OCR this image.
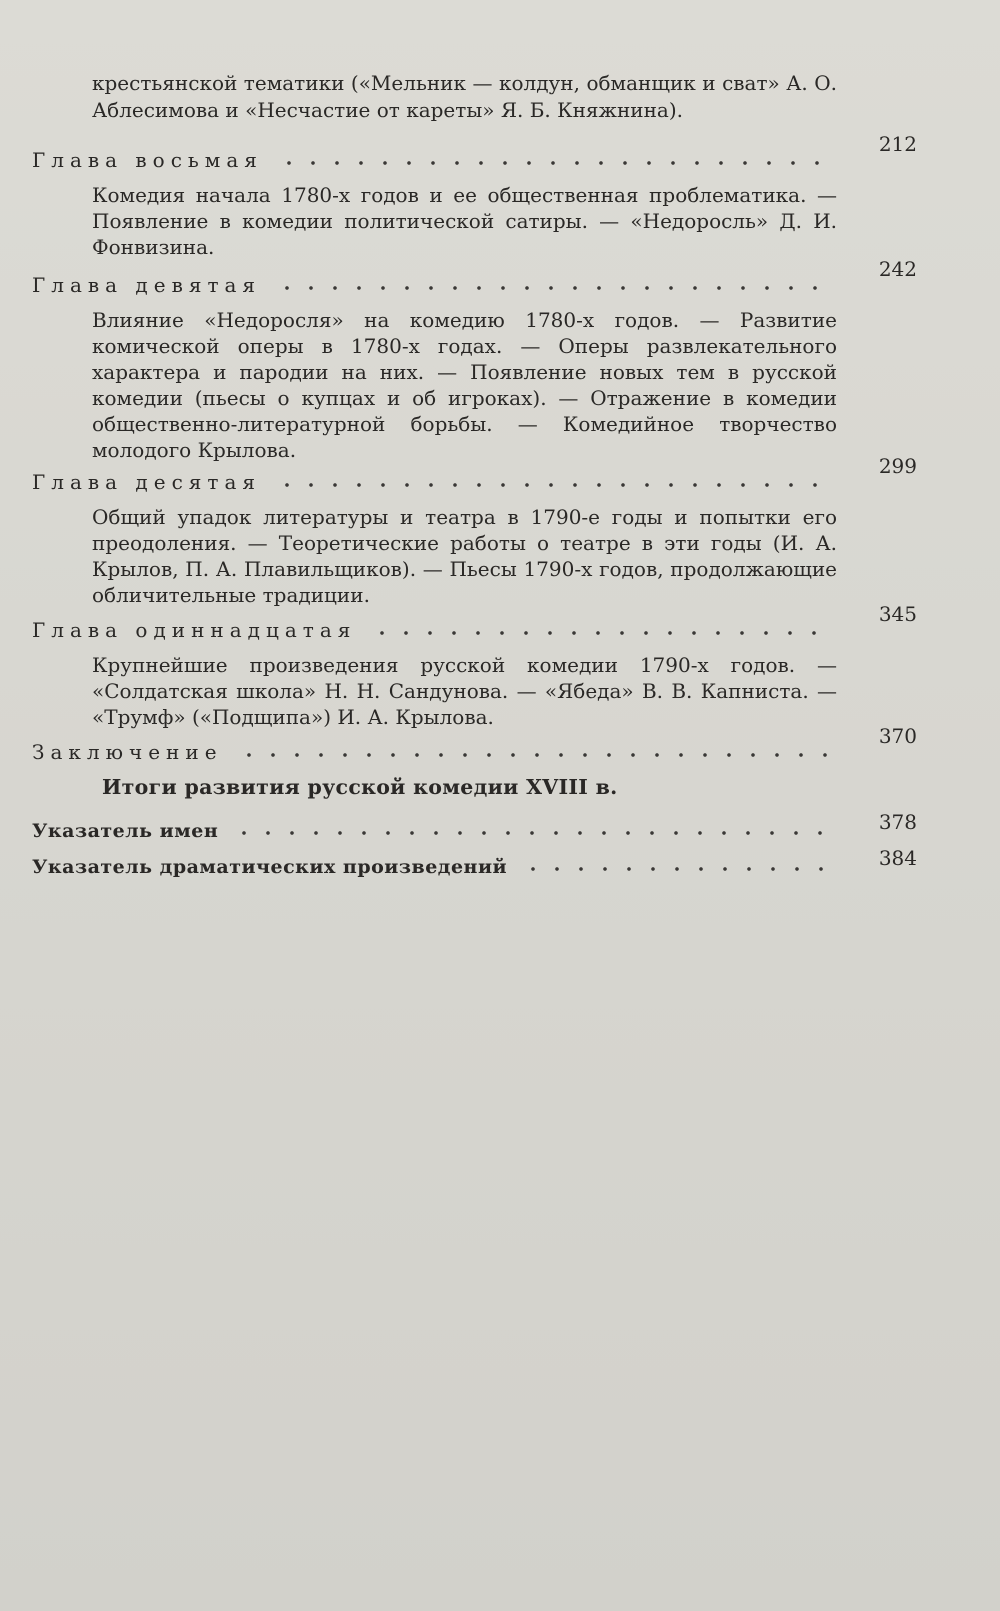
крестьянской тематики («Мельник — колдун, обманщик и сват» А. О. Аблесимова и «Несчастие от кареты» Я. Б. Княжнина).
Глава восьмая
212
Комедия начала 1780-х годов и ее общественная проблематика. — Появление в комедии политической сатиры. — «Недоросль» Д. И. Фонвизина.
Глава девятая
242
Влияние «Недоросля» на комедию 1780-х годов. — Развитие комической оперы в 1780-х годах. — Оперы развлекательного характера и пародии на них. — Появление новых тем в русской комедии (пьесы о купцах и об игроках). — Отражение в комедии общественно-литературной борьбы. — Комедийное творчество молодого Крылова.
Глава десятая
299
Общий упадок литературы и театра в 1790-е годы и попытки его преодоления. — Теоретические работы о театре в эти годы (И. А. Крылов, П. А. Плавильщиков). — Пьесы 1790-х годов, продолжающие обличительные традиции.
Глава одиннадцатая
345
Крупнейшие произведения русской комедии 1790-х годов. — «Солдатская школа» Н. Н. Сандунова. — «Ябеда» В. В. Капниста. — «Трумф» («Подщипа») И. А. Крылова.
Заключение
370
Итоги развития русской комедии XVIII в.
Указатель имен	378
Указатель драматических произведений	384
